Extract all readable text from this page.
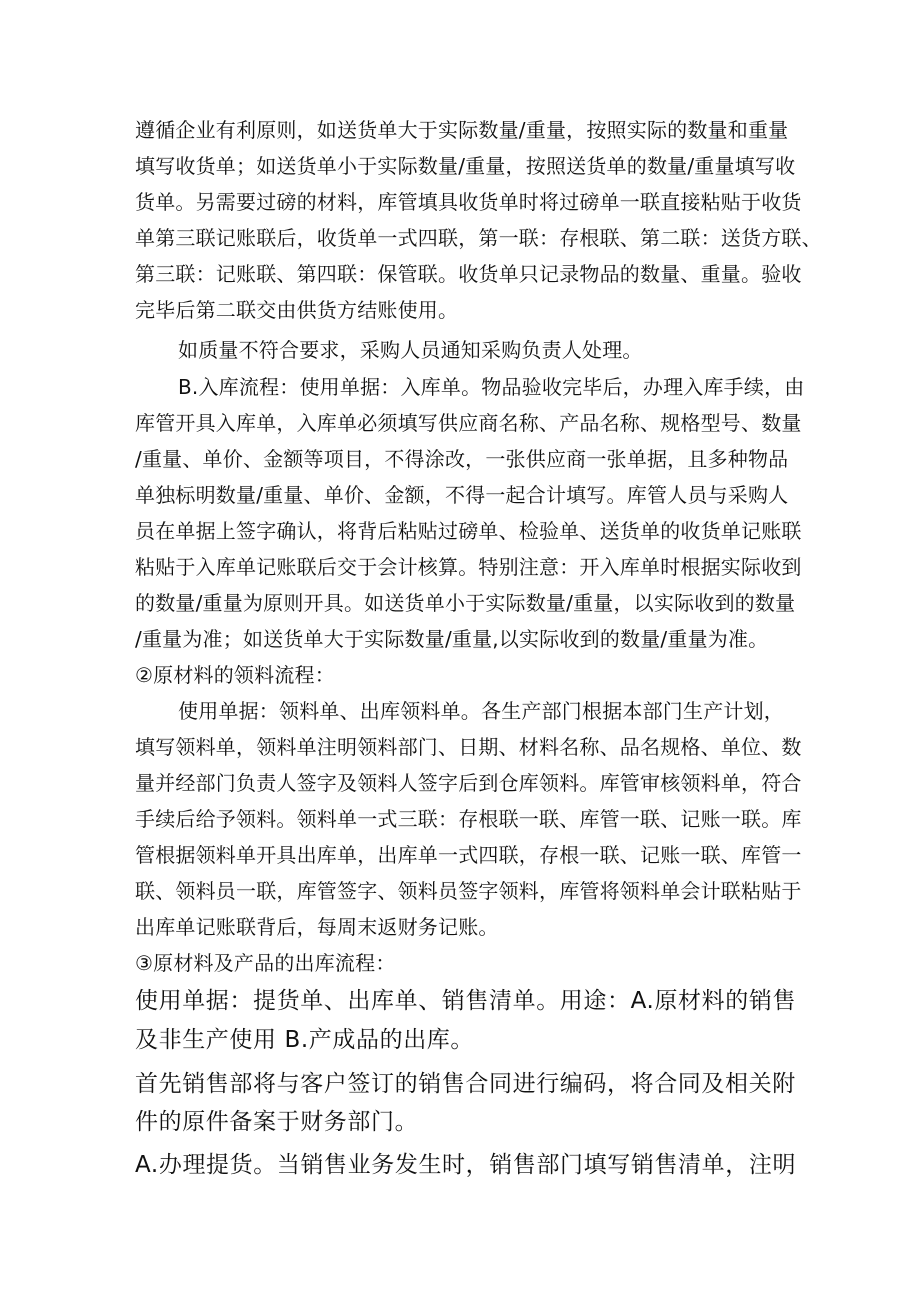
遵循企业有利原则，如送货单大于实际数量/重量，按照实际的数量和重量
填写收货单；如送货单小于实际数量/重量，按照送货单的数量/重量填写收
货单。另需要过磅的材料，库管填具收货单时将过磅单一联直接粘贴于收货
单第三联记账联后，收货单一式四联，第一联：存根联、第二联：送货方联、
第三联：记账联、第四联：保管联。收货单只记录物品的数量、重量。验收
完毕后第二联交由供货方结账使用。
如质量不符合要求，采购人员通知采购负责人处理。
B.入库流程：使用单据：入库单。物品验收完毕后，办理入库手续，由
库管开具入库单，入库单必须填写供应商名称、产品名称、规格型号、数量
/重量、单价、金额等项目，不得涂改，一张供应商一张单据，且多种物品
单独标明数量/重量、单价、金额，不得一起合计填写。库管人员与采购人
员在单据上签字确认，将背后粘贴过磅单、检验单、送货单的收货单记账联
粘贴于入库单记账联后交于会计核算。特别注意：开入库单时根据实际收到
的数量/重量为原则开具。如送货单小于实际数量/重量，以实际收到的数量
/重量为准；如送货单大于实际数量/重量,以实际收到的数量/重量为准。
②原材料的领料流程：
使用单据：领料单、出库领料单。各生产部门根据本部门生产计划，
填写领料单，领料单注明领料部门、日期、材料名称、品名规格、单位、数
量并经部门负责人签字及领料人签字后到仓库领料。库管审核领料单，符合
手续后给予领料。领料单一式三联：存根联一联、库管一联、记账一联。库
管根据领料单开具出库单，出库单一式四联，存根一联、记账一联、库管一
联、领料员一联，库管签字、领料员签字领料，库管将领料单会计联粘贴于
出库单记账联背后，每周末返财务记账。
③原材料及产品的出库流程：
使用单据：提货单、出库单、销售清单。用途：A.原材料的销售
及非生产使用 B.产成品的出库。
首先销售部将与客户签订的销售合同进行编码，将合同及相关附
件的原件备案于财务部门。
A.办理提货。当销售业务发生时，销售部门填写销售清单，注明
